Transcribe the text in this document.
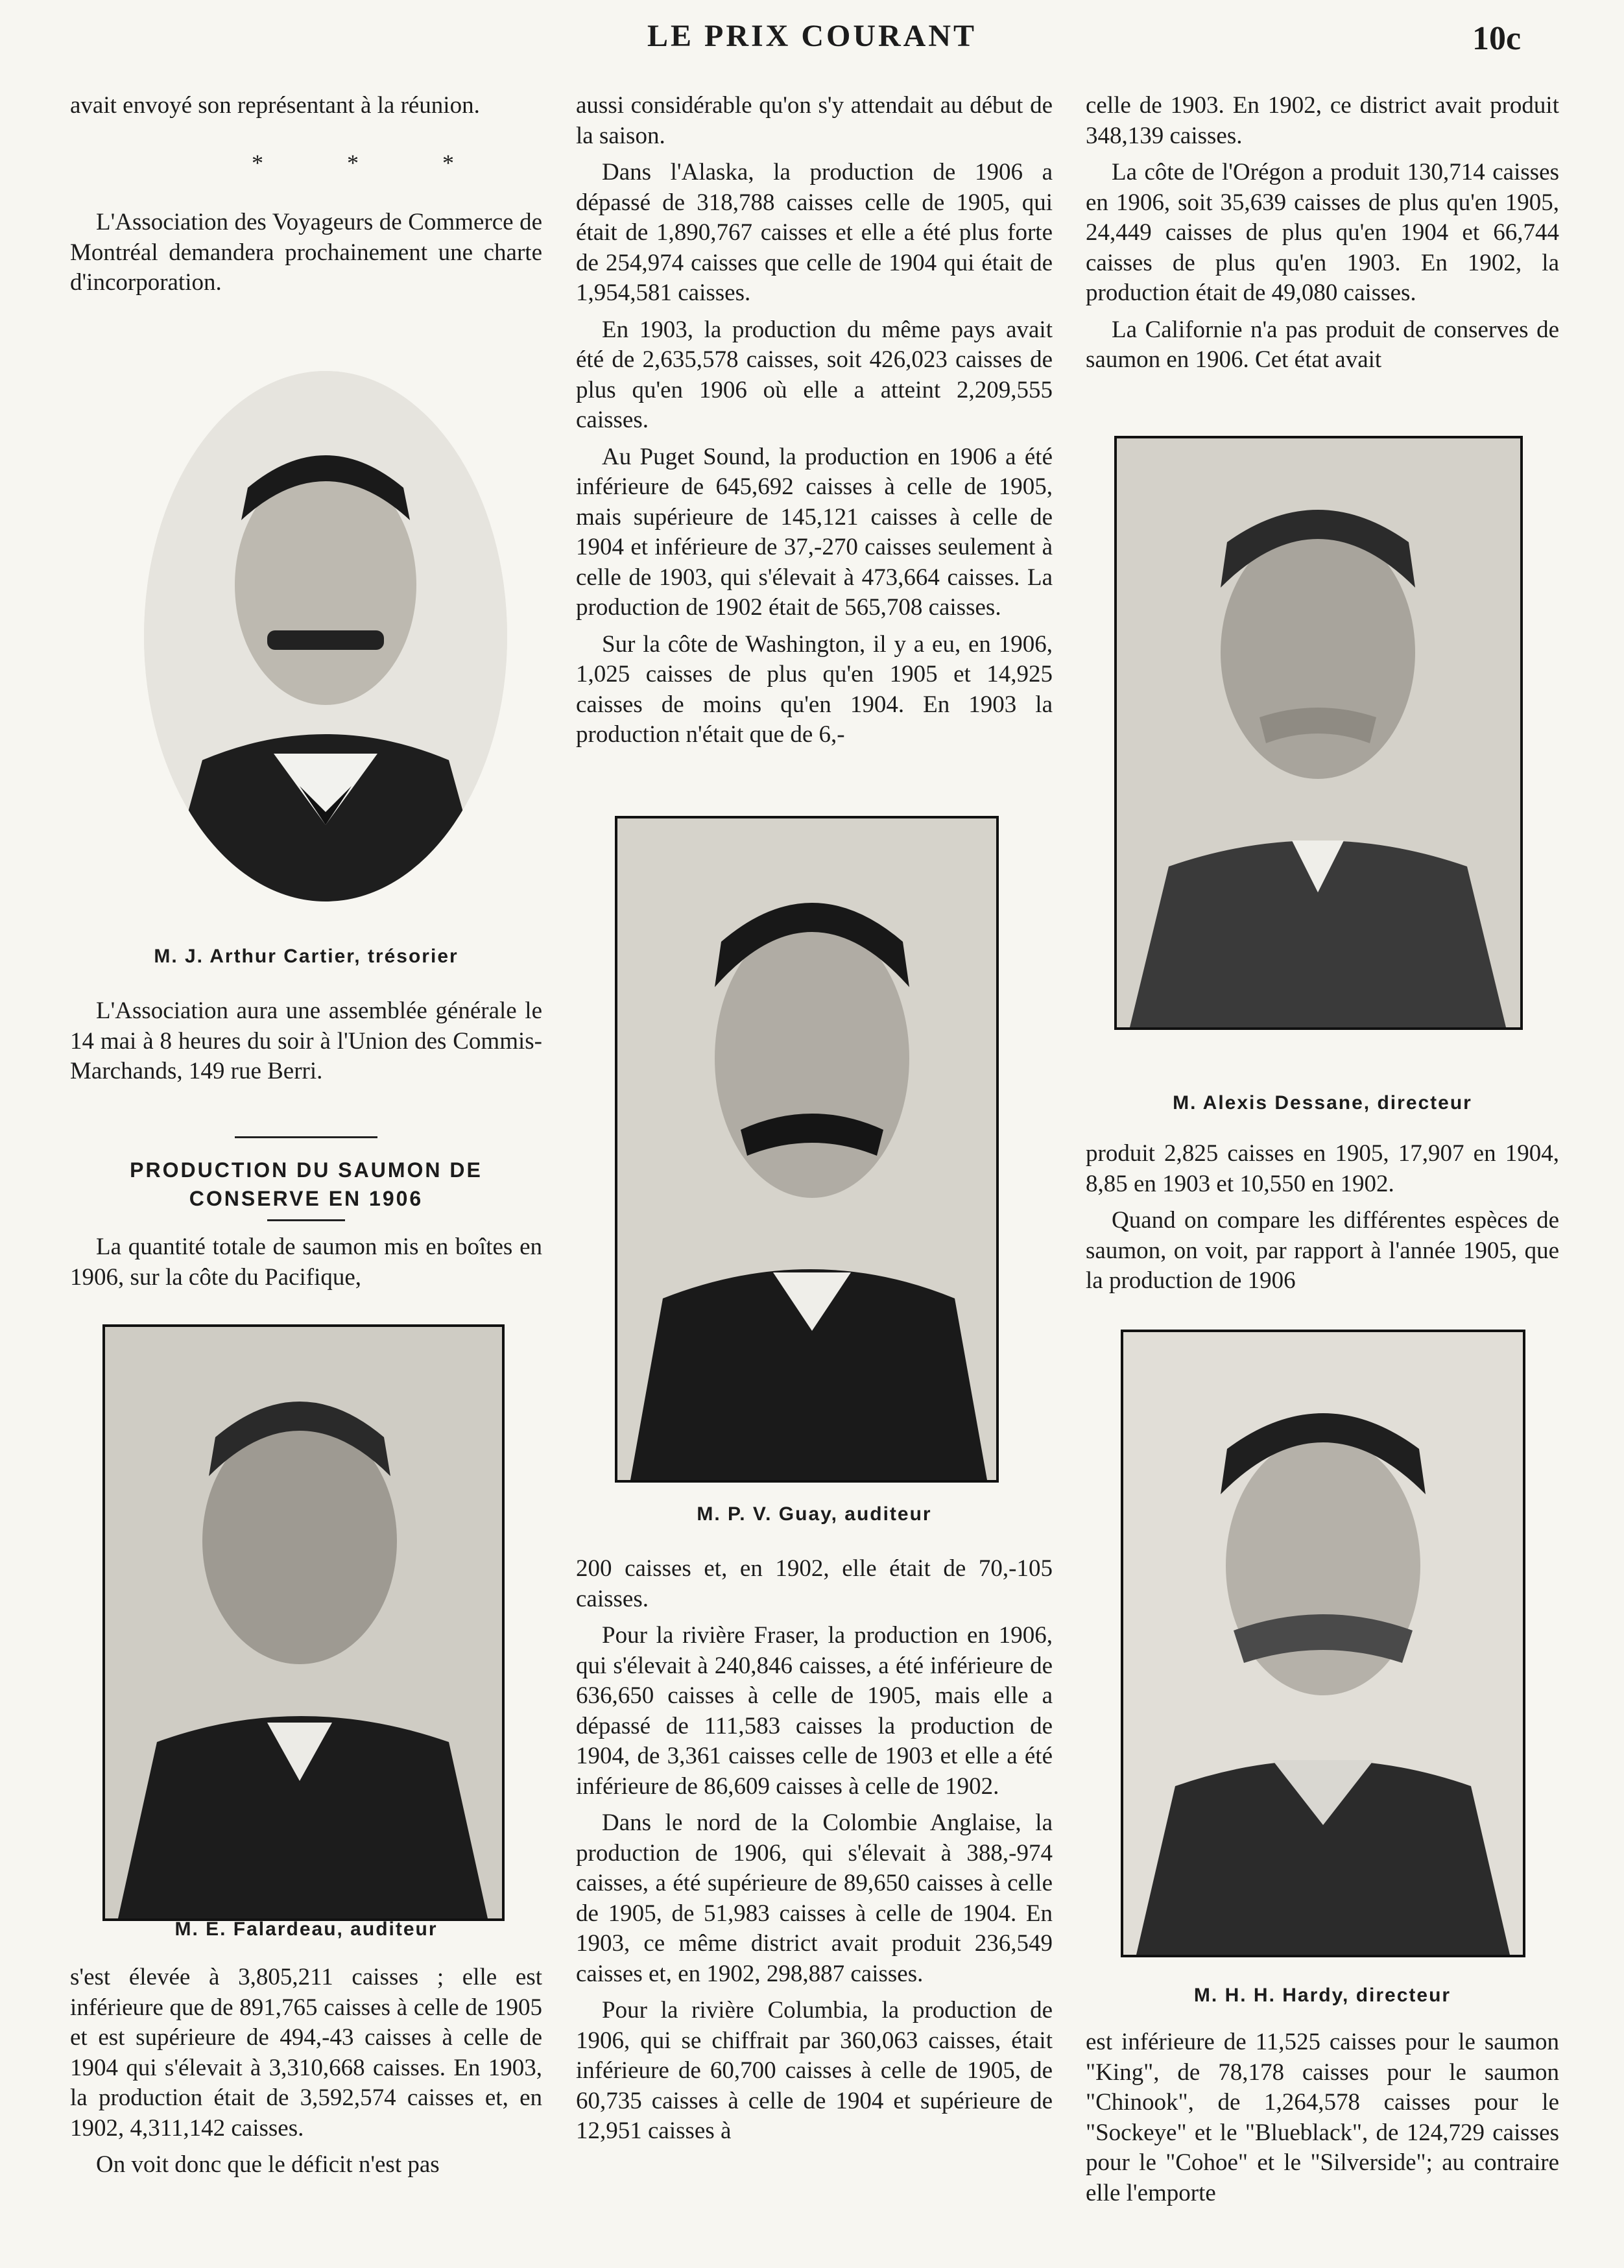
LE PRIX COURANT	10c

avait envoyé son représentant à la réunion.

* * *

L'Association des Voyageurs de Commerce de Montréal demandera prochainement une charte d'incorporation.

M. J. Arthur Cartier, trésorier

L'Association aura une assemblée générale le 14 mai à 8 heures du soir à l'Union des Commis-Marchands, 149 rue Berri.

PRODUCTION DU SAUMON DE CONSERVE EN 1906

La quantité totale de saumon mis en boîtes en 1906, sur la côte du Pacifique,

M. E. Falardeau, auditeur

s'est élevée à 3,805,211 caisses ; elle est inférieure que de 891,765 caisses à celle de 1905 et est supérieure de 494,-43 caisses à celle de 1904 qui s'élevait à 3,310,668 caisses. En 1903, la production était de 3,592,574 caisses et, en 1902, 4,311,142 caisses.

On voit donc que le déficit n'est pas

aussi considérable qu'on s'y attendait au début de la saison.

Dans l'Alaska, la production de 1906 a dépassé de 318,788 caisses celle de 1905, qui était de 1,890,767 caisses et elle a été plus forte de 254,974 caisses que celle de 1904 qui était de 1,954,581 caisses.

En 1903, la production du même pays avait été de 2,635,578 caisses, soit 426,023 caisses de plus qu'en 1906 où elle a atteint 2,209,555 caisses.

Au Puget Sound, la production en 1906 a été inférieure de 645,692 caisses à celle de 1905, mais supérieure de 145,121 caisses à celle de 1904 et inférieure de 37,-270 caisses seulement à celle de 1903, qui s'élevait à 473,664 caisses. La production de 1902 était de 565,708 caisses.

Sur la côte de Washington, il y a eu, en 1906, 1,025 caisses de plus qu'en 1905 et 14,925 caisses de moins qu'en 1904. En 1903 la production n'était que de 6,-

M. P. V. Guay, auditeur

200 caisses et, en 1902, elle était de 70,-105 caisses.

Pour la rivière Fraser, la production en 1906, qui s'élevait à 240,846 caisses, a été inférieure de 636,650 caisses à celle de 1905, mais elle a dépassé de 111,583 caisses la production de 1904, de 3,361 caisses celle de 1903 et elle a été inférieure de 86,609 caisses à celle de 1902.

Dans le nord de la Colombie Anglaise, la production de 1906, qui s'élevait à 388,-974 caisses, a été supérieure de 89,650 caisses à celle de 1905, de 51,983 caisses à celle de 1904. En 1903, ce même district avait produit 236,549 caisses et, en 1902, 298,887 caisses.

Pour la rivière Columbia, la production de 1906, qui se chiffrait par 360,063 caisses, était inférieure de 60,700 caisses à celle de 1905, de 60,735 caisses à celle de 1904 et supérieure de 12,951 caisses à

celle de 1903. En 1902, ce district avait produit 348,139 caisses.

La côte de l'Orégon a produit 130,714 caisses en 1906, soit 35,639 caisses de plus qu'en 1905, 24,449 caisses de plus qu'en 1904 et 66,744 caisses de plus qu'en 1903. En 1902, la production était de 49,080 caisses.

La Californie n'a pas produit de conserves de saumon en 1906. Cet état avait

M. Alexis Dessane, directeur

produit 2,825 caisses en 1905, 17,907 en 1904, 8,85 en 1903 et 10,550 en 1902.

Quand on compare les différentes espèces de saumon, on voit, par rapport à l'année 1905, que la production de 1906

M. H. H. Hardy, directeur

est inférieure de 11,525 caisses pour le saumon "King", de 78,178 caisses pour le saumon "Chinook", de 1,264,578 caisses pour le "Sockeye" et le "Blueblack", de 124,729 caisses pour le "Cohoe" et le "Silverside"; au contraire elle l'emporte
